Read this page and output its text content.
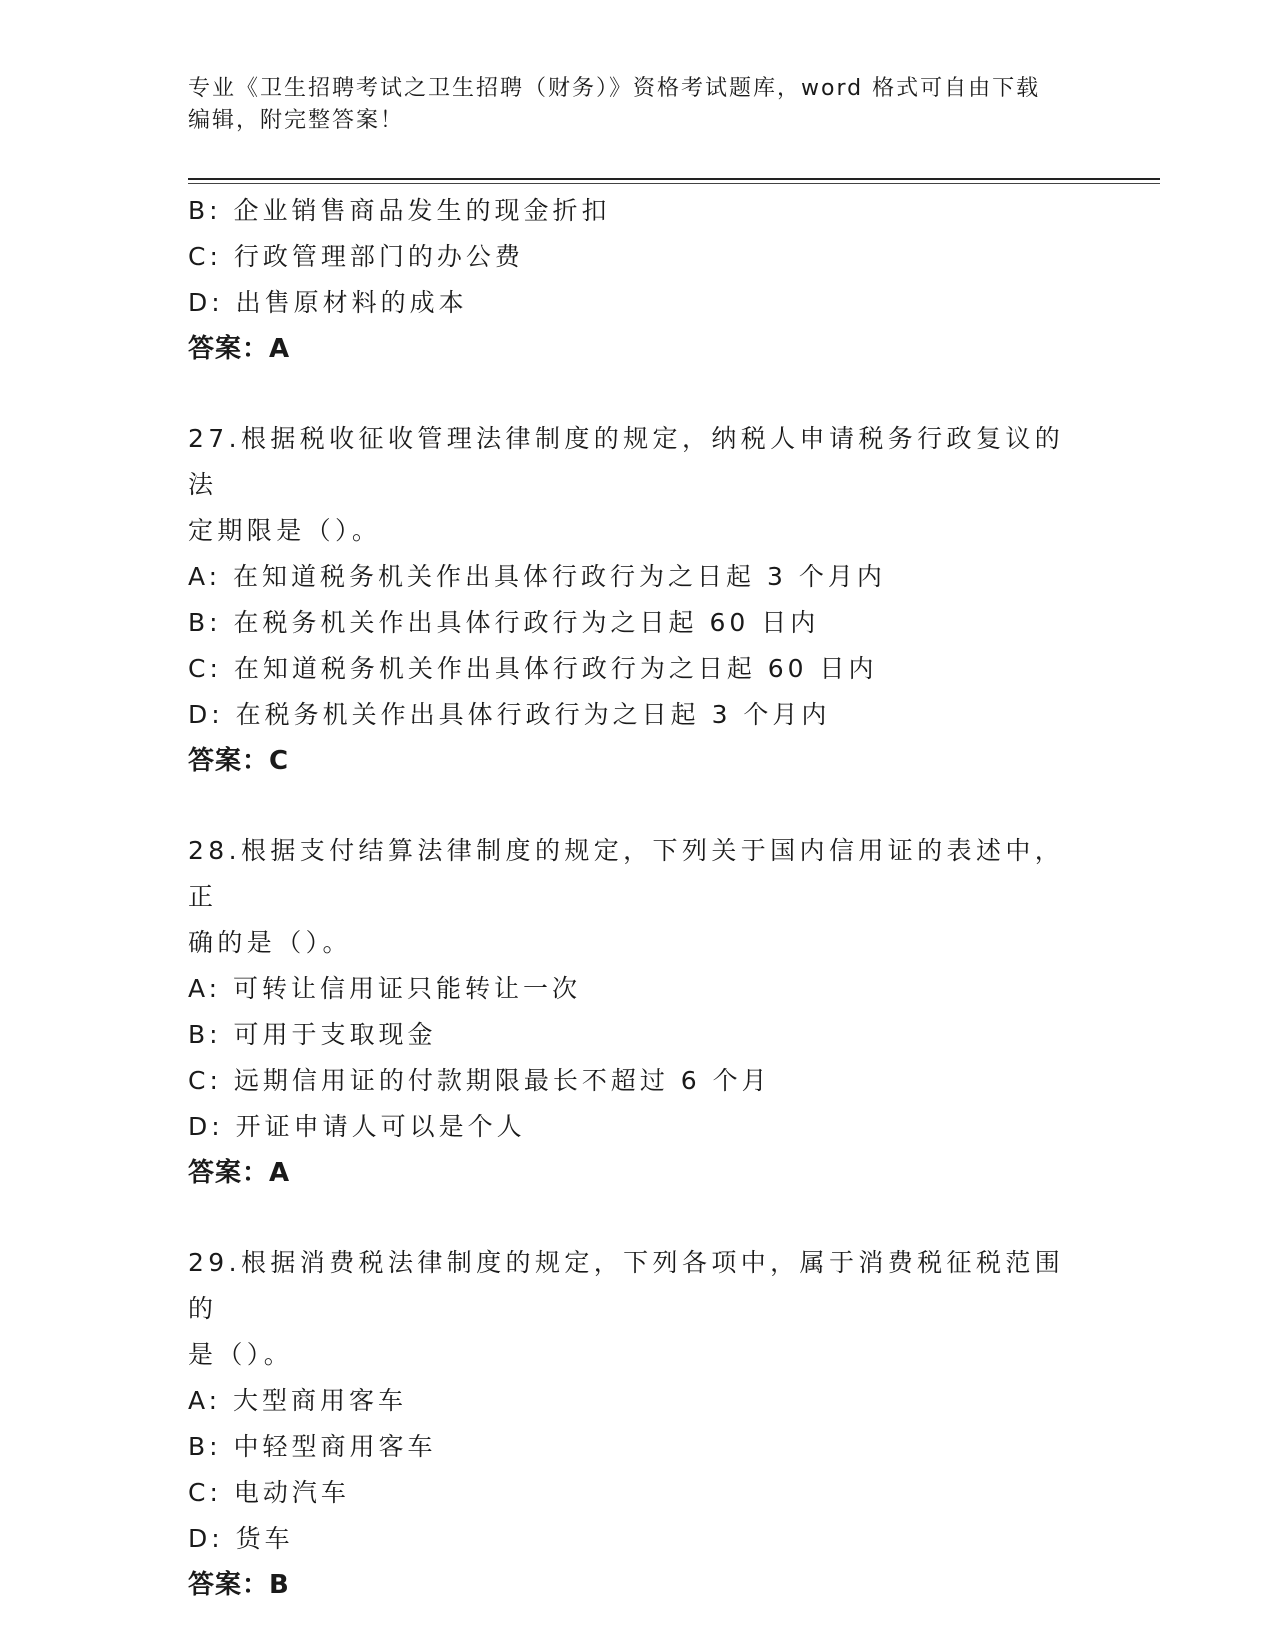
专业《卫生招聘考试之卫生招聘（财务）》资格考试题库，word 格式可自由下载
编辑，附完整答案！
B: 企业销售商品发生的现金折扣
C: 行政管理部门的办公费
D: 出售原材料的成本
答案：A
27.根据税收征收管理法律制度的规定，纳税人申请税务行政复议的法
定期限是（）。
A: 在知道税务机关作出具体行政行为之日起 3 个月内
B: 在税务机关作出具体行政行为之日起 60 日内
C: 在知道税务机关作出具体行政行为之日起 60 日内
D: 在税务机关作出具体行政行为之日起 3 个月内
答案：C
28.根据支付结算法律制度的规定，下列关于国内信用证的表述中，正
确的是（）。
A: 可转让信用证只能转让一次
B: 可用于支取现金
C: 远期信用证的付款期限最长不超过 6 个月
D: 开证申请人可以是个人
答案：A
29.根据消费税法律制度的规定，下列各项中，属于消费税征税范围的
是（）。
A: 大型商用客车
B: 中轻型商用客车
C: 电动汽车
D: 货车
答案：B
